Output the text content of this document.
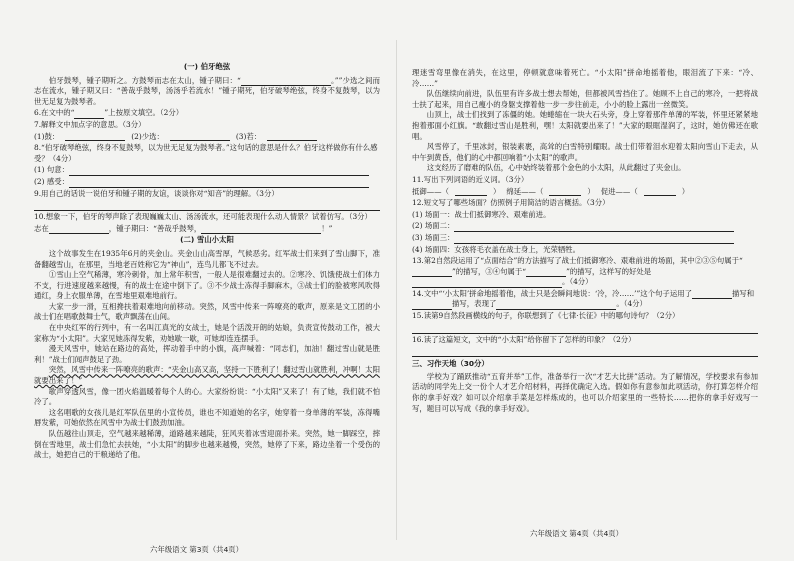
(一) 伯牙绝弦

伯牙鼓琴，锺子期听之。方鼓琴而志在太山，锺子期曰：“	。””少选之间而志在流水，锺子期又曰：“善哉乎鼓琴，汤汤乎若流水！”锺子期死，伯牙破琴绝弦，终身不复鼓琴，以为世无足复为鼓琴者。

6.在文中的“	”上按原文填空。（2分）
7.解释文中加点字的意思。（3分）
(1)鼓：	(2)少选：	(3)若：
8.“伯牙破琴绝弦，终身不复鼓琴，以为世无足复为鼓琴者。”这句话的意思是什么？伯牙这样做你有什么感受？（4分）
(1) 句意：
(2) 感受：
9.用自己的话说一说伯牙和锺子期的友谊，谈谈你对“知音”的理解。（3分）
10.想象一下，伯牙的琴声除了表现巍巍太山、汤汤流水，还可能表现什么动人情景？试着仿写。（3分）
志在	，锺子期曰：“善哉乎鼓琴，	！”
(二) 雪山小太阳

这个故事发生在1935年6月的夹金山。夹金山山高雪厚，气候恶劣。红军战士们来到了雪山脚下，准备翻越雪山，在那里，当地老百姓称它为“神山”，连鸟儿都飞不过去。

①雪山上空气稀薄，寒冷刺骨，加上常年积雪，一般人是很难翻过去的。②寒冷、饥饿使战士们体力不支，行进速度越来越慢，有的战士在途中倒下了。③不少战士冻得手脚麻木，③战士们的脸被寒风吹得通红，身上衣服单薄，在雪地里艰难地前行。

大家一步一滑，互相搀扶着艰难地向前移动。突然，风雪中传来一阵嘹亮的歌声，原来是文工团的小战士们在唱歌鼓舞士气，歌声飘荡在山间。

在中央红军的行列中，有一名叫江真光的女战士，她是个活泼开朗的姑娘，负责宣传鼓动工作，被大家称为“小太阳”。大家见她冻得发紫，劝她歇一歇，可她却连连摆手。

漫天风雪中，她站在路边的高处，挥动着手中的小旗，高声喊着：“同志们，加油！翻过雪山就是胜利！”战士们闻声鼓足了劲。

突然，风雪中传来一阵嘹亮的歌声：“夹金山高又高，坚持一下胜利了！翻过雪山就胜利，冲啊！太阳就要出来了！”

歌声穿透风雪，像一团火焰温暖着每个人的心。大家纷纷说：“小太阳”又来了！有了她，我们就不怕冷了。

这名唱歌的女孩儿是红军队伍里的小宣传员，谁也不知道她的名字，她穿着一身单薄的军装，冻得嘴唇发紫，可她依然在风雪中为战士们鼓劲加油。

队伍越往山顶走，空气越来越稀薄，道路越来越陡，狂风夹着冰雪迎面扑来。突然，她一脚踩空，摔倒在雪地里，战士们急忙去扶她，“小太阳”的脚步也越来越慢，突然，她停了下来，路边坐着一个受伤的战士，她把自己的干粮递给了他。

六年级语文 第3页（共4页）

理迷雪弯里像在消失，在这里，停顿就意味着死亡。“小太阳”拼命地摇着他，眼泪流了下来：“冷、冷……”

队伍继续向前进，队伍里有许多战士想去帮她，但都被风雪挡住了。她顾不上自己的寒冷，一把将战士扶了起来，用自己瘦小的身躯支撑着他一步一步往前走，小小的脸上露出一丝微笑。

山顶上，战士们找到了冻僵的她。她蜷缩在一块大石头旁，身上穿着那件单薄的军装，怀里还紧紧地抱着那面小红旗。“敢翻过雪山是胜利，嘿！太阳就要出来了！”大家的眼眶湿润了，这时，她仿佛还在歌唱。

风雪停了，千里冰封，银装素裹，高耸的白雪特别耀眼。战士们带着泪水迎着太阳向雪山下走去，从中午到黄昏，他们的心中都回响着“小太阳”的歌声。

这支经历了磨难的队伍，心中始终装着那个金色的小太阳，从此翻过了夹金山。

11.写出下列词语的近义词。（3分）
抵御——（	） 绵延——（	） 促进——（	）
12.短文写了哪些场面？仿照例子用简洁的语言概括。（3分）
(1) 场面一：战士们抵御寒冷、艰难前进。
(2) 场面二：
(3) 场面三：
(4) 场面四：女孩将毛衣盖在战士身上，光荣牺牲。
13.第2自然段运用了“点面结合”的方法描写了战士们抵御寒冷、艰难前进的场面，其中②③⑤句属于“”的描写，③④句属于“	”的描写，这样写的好处是。（4分）
14.文中“‘小太阳’拼命地摇着他，战士只是会瞬间地说：‘冷，冷……’”这个句子运用了	描写和描写，表现了	。（4分）
15.读第9自然段画横线的句子，你联想到了《七律·长征》中的哪句诗句？（2分）
16.读了这篇短文，文中的“小太阳”给你留下了怎样的印象？（2分）
三、习作天地（30分）

学校为了踊跃推动“五育并举”工作，准备举行一次“才艺大比拼”活动。为了解情况，学校要求有参加活动的同学先上交一份个人才艺介绍材料，再择优确定入选。假如你有意参加此项活动，你打算怎样介绍你的拿手好戏？如可以介绍拿手菜是怎样炼成的，也可以介绍家里的一些特长……把你的拿手好戏写一写，题目可以写成《我的拿手好戏》。

六年级语文 第4页（共4页）
